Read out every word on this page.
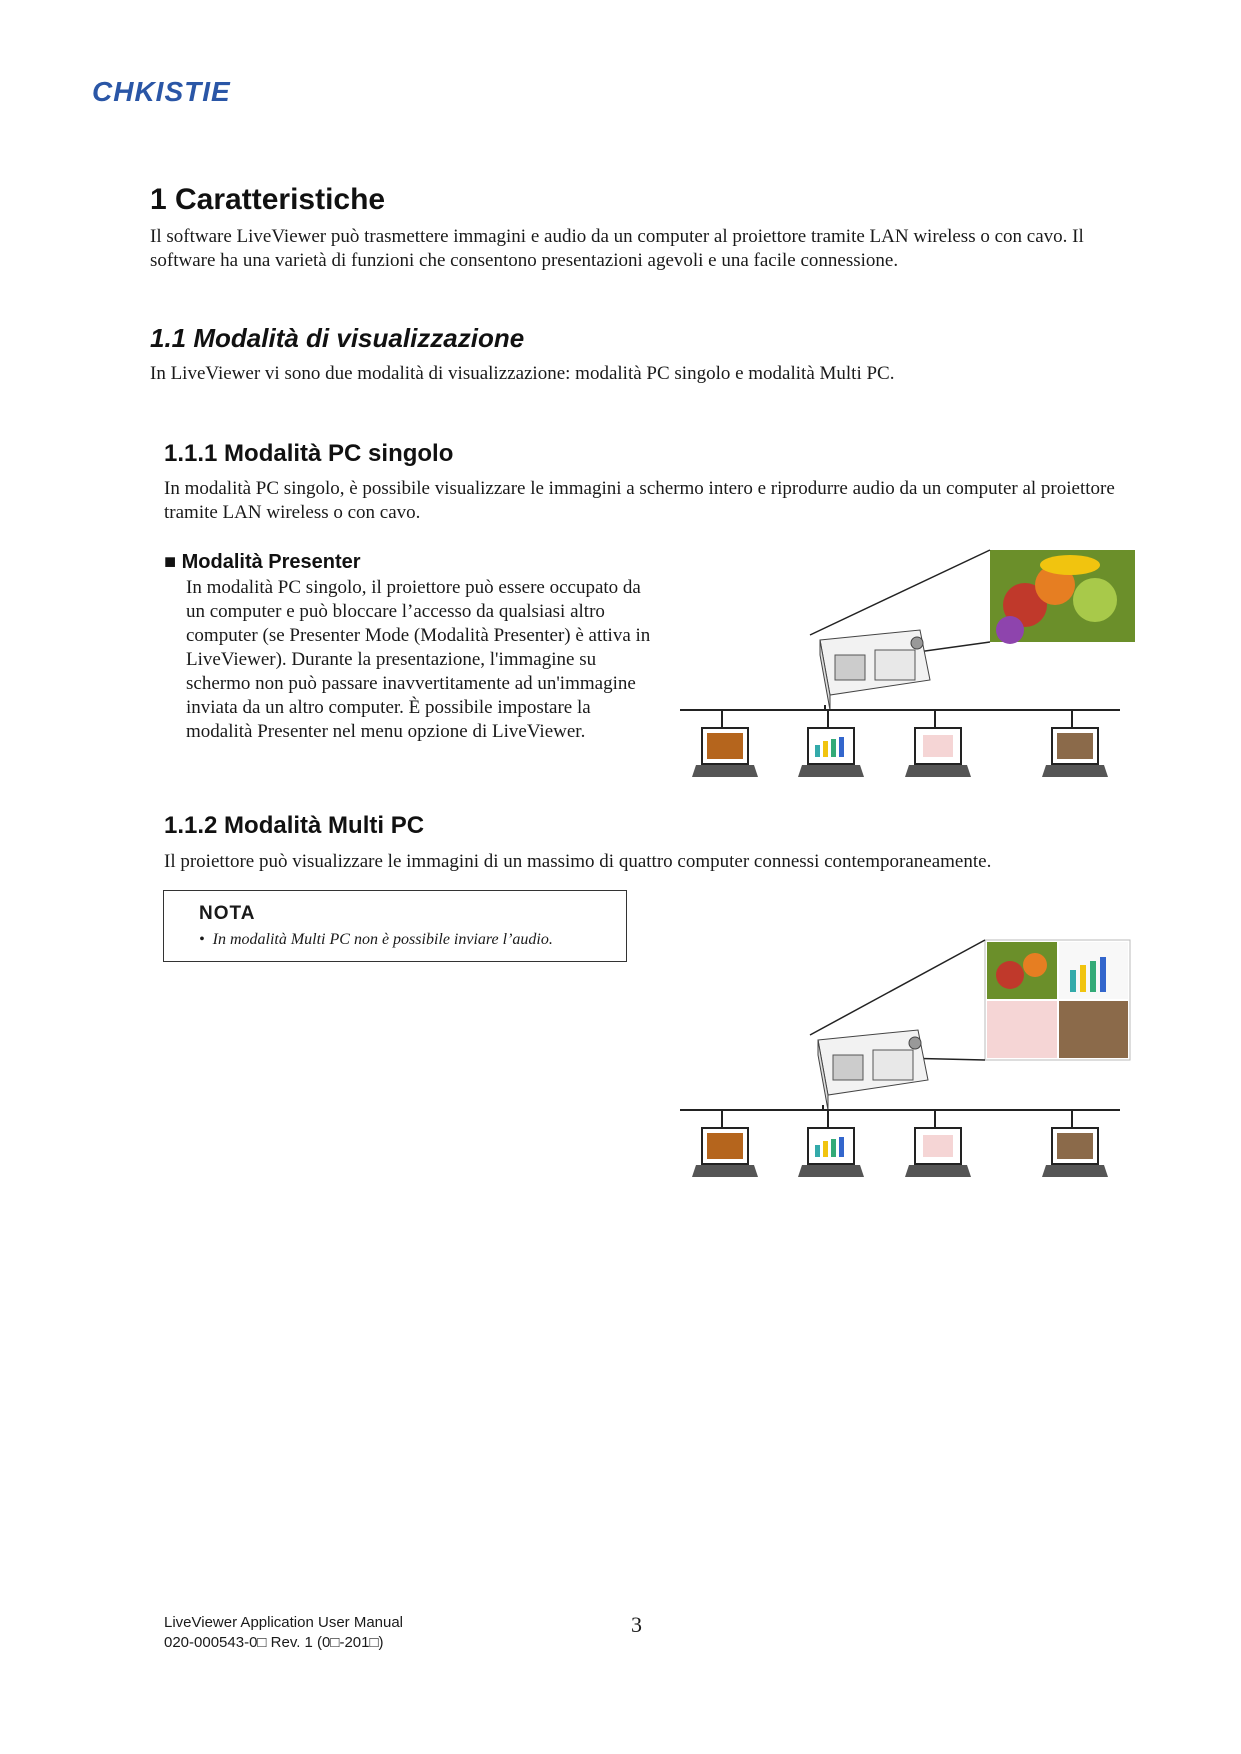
CHKISTIE
1 Caratteristiche
Il software LiveViewer può trasmettere immagini e audio da un computer al proiettore tramite LAN wireless o con cavo. Il software ha una varietà di funzioni che consentono presentazioni agevoli e una facile connessione.
1.1 Modalità di visualizzazione
In LiveViewer vi sono due modalità di visualizzazione: modalità PC singolo e modalità Multi PC.
1.1.1 Modalità PC singolo
In modalità PC singolo, è possibile visualizzare le immagini a schermo intero e riprodurre audio da un computer al proiettore tramite LAN wireless o con cavo.
■ Modalità Presenter
In modalità PC singolo, il proiettore può essere occupato da un computer e può bloccare l’accesso da qualsiasi altro computer (se Presenter Mode (Modalità Presenter) è attiva in LiveViewer). Durante la presentazione, l'immagine su schermo non può passare inavvertitamente ad un'immagine inviata da un altro computer. È possibile impostare la modalità Presenter nel menu opzione di LiveViewer.
1.1.2 Modalità Multi PC
Il proiettore può visualizzare le immagini di un massimo di quattro computer connessi contemporaneamente.
NOTA
•  In modalità Multi PC non è possibile inviare l’audio.
LiveViewer Application User Manual
020-000543-0□ Rev. 1 (0□-201□)
3
